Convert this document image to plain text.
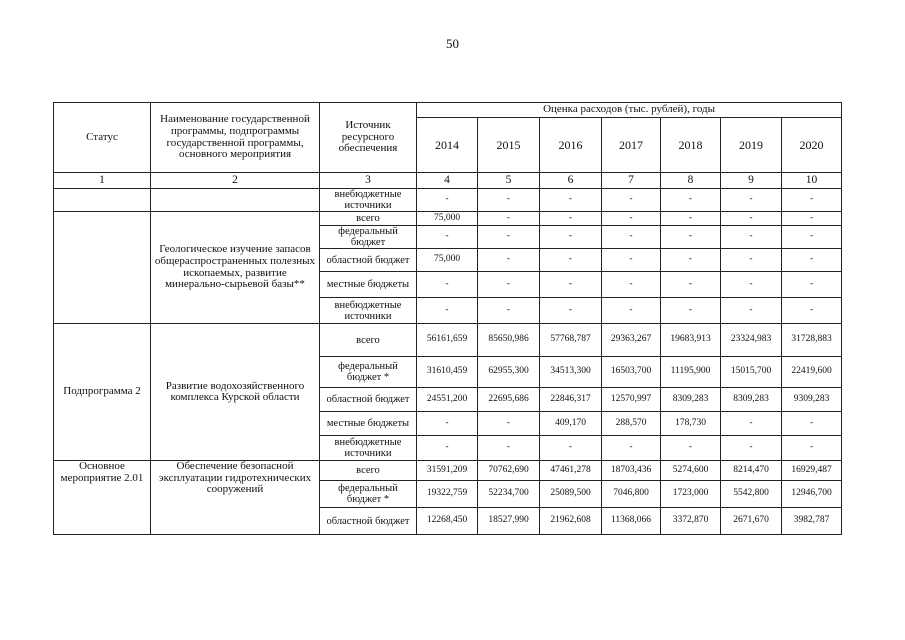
50
Статус	Наименование государственной программы, подпрограммы государственной программы, основного мероприятия	Источник ресурсного обеспечения	Оценка расходов (тыс. рублей), годы						
			2014	2015	2016	2017	2018	2019	2020
1	2	3	4	5	6	7	8	9	10
		внебюджетные источники	-	-	-	-	-	-	-
	Геологическое изучение запасов общераспространенных полезных ископаемых, развитие минерально-сырьевой базы**	всего	75,000	-	-	-	-	-	-
		федеральный бюджет	-	-	-	-	-	-	-
		областной бюджет	75,000	-	-	-	-	-	-
		местные бюджеты	-	-	-	-	-	-	-
		внебюджетные источники	-	-	-	-	-	-	-
Подпрограмма 2	Развитие водохозяйственного комплекса Курской области	всего	56161,659	85650,986	57768,787	29363,267	19683,913	23324,983	31728,883
		федеральный бюджет *	31610,459	62955,300	34513,300	16503,700	11195,900	15015,700	22419,600
		областной бюджет	24551,200	22695,686	22846,317	12570,997	8309,283	8309,283	9309,283
		местные бюджеты	-	-	409,170	288,570	178,730	-	-
		внебюджетные источники	-	-	-	-	-	-	-
Основное мероприятие 2.01	Обеспечение безопасной эксплуатации гидротехнических сооружений	всего	31591,209	70762,690	47461,278	18703,436	5274,600	8214,470	16929,487
		федеральный бюджет *	19322,759	52234,700	25089,500	7046,800	1723,000	5542,800	12946,700
		областной бюджет	12268,450	18527,990	21962,608	11368,066	3372,870	2671,670	3982,787
